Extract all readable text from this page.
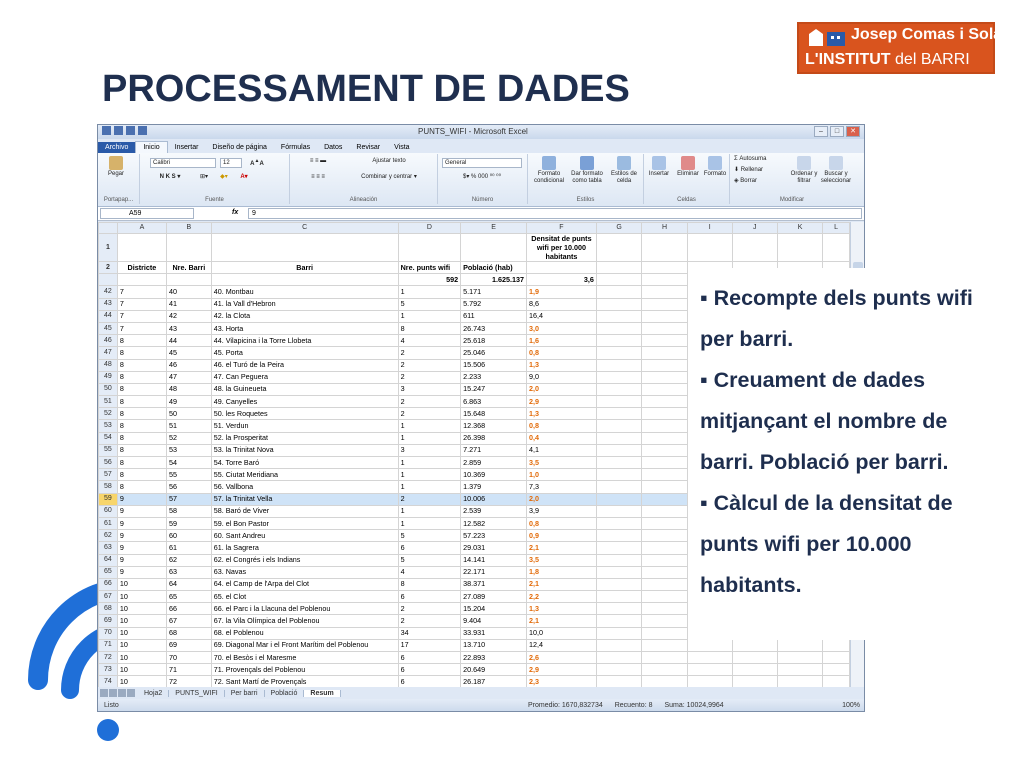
PROCESSAMENT DE DADES
Josep Comas i Solà
L'INSTITUT del BARRI
PUNTS_WIFI - Microsoft Excel	–	□	✕
Archivo	Inicio	Insertar	Diseño de página	Fórmulas	Datos	Revisar	Vista
Pegar
Portapap...
Calibri	12	A▲A
N K S ▾	⊞▾	◆▾	A▾
Fuente
≡ ≡ ▬	Ajustar texto
≡ ≡ ≡	Combinar y centrar ▾
Alineación
General
$▾ % 000 ⁰⁰ ⁰⁰
Número
Formato condicional
Dar formato como tabla
Estilos de celda
Estilos
Insertar	Eliminar Formato
Celdas
Σ Autosuma
⬇ Rellenar
◈ Borrar
Ordenar y filtrar
Buscar y seleccionar
Modificar
A59	fx	9
	A	B	C	D	E	F	G	H	I	J	K	L
1						Densitat de punts wifi per 10.000 habitants						
2	Districte	Nre. Barri	Barri	Nre. punts wifi	Població (hab)							
				592	1.625.137	3,6						
42	7	40	40. Montbau	1	5.171	1,9						
43	7	41	41. la Vall d'Hebron	5	5.792	8,6						
44	7	42	42. la Clota	1	611	16,4						
45	7	43	43. Horta	8	26.743	3,0						
46	8	44	44. Vilapicina i la Torre Llobeta	4	25.618	1,6						
47	8	45	45. Porta	2	25.046	0,8						
48	8	46	46. el Turó de la Peira	2	15.506	1,3						
49	8	47	47. Can Peguera	2	2.233	9,0						
50	8	48	48. la Guineueta	3	15.247	2,0						
51	8	49	49. Canyelles	2	6.863	2,9						
52	8	50	50. les Roquetes	2	15.648	1,3						
53	8	51	51. Verdun	1	12.368	0,8						
54	8	52	52. la Prosperitat	1	26.398	0,4						
55	8	53	53. la Trinitat Nova	3	7.271	4,1						
56	8	54	54. Torre Baró	1	2.859	3,5						
57	8	55	55. Ciutat Meridiana	1	10.369	1,0						
58	8	56	56. Vallbona	1	1.379	7,3						
59	9	57	57. la Trinitat Vella	2	10.006	2,0						
60	9	58	58. Baró de Viver	1	2.539	3,9						
61	9	59	59. el Bon Pastor	1	12.582	0,8						
62	9	60	60. Sant Andreu	5	57.223	0,9						
63	9	61	61. la Sagrera	6	29.031	2,1						
64	9	62	62. el Congrés i els Indians	5	14.141	3,5						
65	9	63	63. Navas	4	22.171	1,8						
66	10	64	64. el Camp de l'Arpa del Clot	8	38.371	2,1						
67	10	65	65. el Clot	6	27.089	2,2						
68	10	66	66. el Parc i la Llacuna del Poblenou	2	15.204	1,3						
69	10	67	67. la Vila Olímpica del Poblenou	2	9.404	2,1						
70	10	68	68. el Poblenou	34	33.931	10,0						
71	10	69	69. Diagonal Mar i el Front Marítim del Poblenou	17	13.710	12,4						
72	10	70	70. el Besòs i el Maresme	6	22.893	2,6						
73	10	71	71. Provençals del Poblenou	6	20.649	2,9						
74	10	72	72. Sant Martí de Provençals	6	26.187	2,3						
Hoja2	PUNTS_WIFI	Per barri	Població	Resum
Listo	Promedio: 1670,832734 Recuento: 8 Suma: 10024,9964	100%

▪ Recompte dels punts wifi per barri.

▪ Creuament de dades mitjançant el nombre de barri. Població per barri.

▪ Càlcul de la densitat de punts wifi per 10.000 habitants.
